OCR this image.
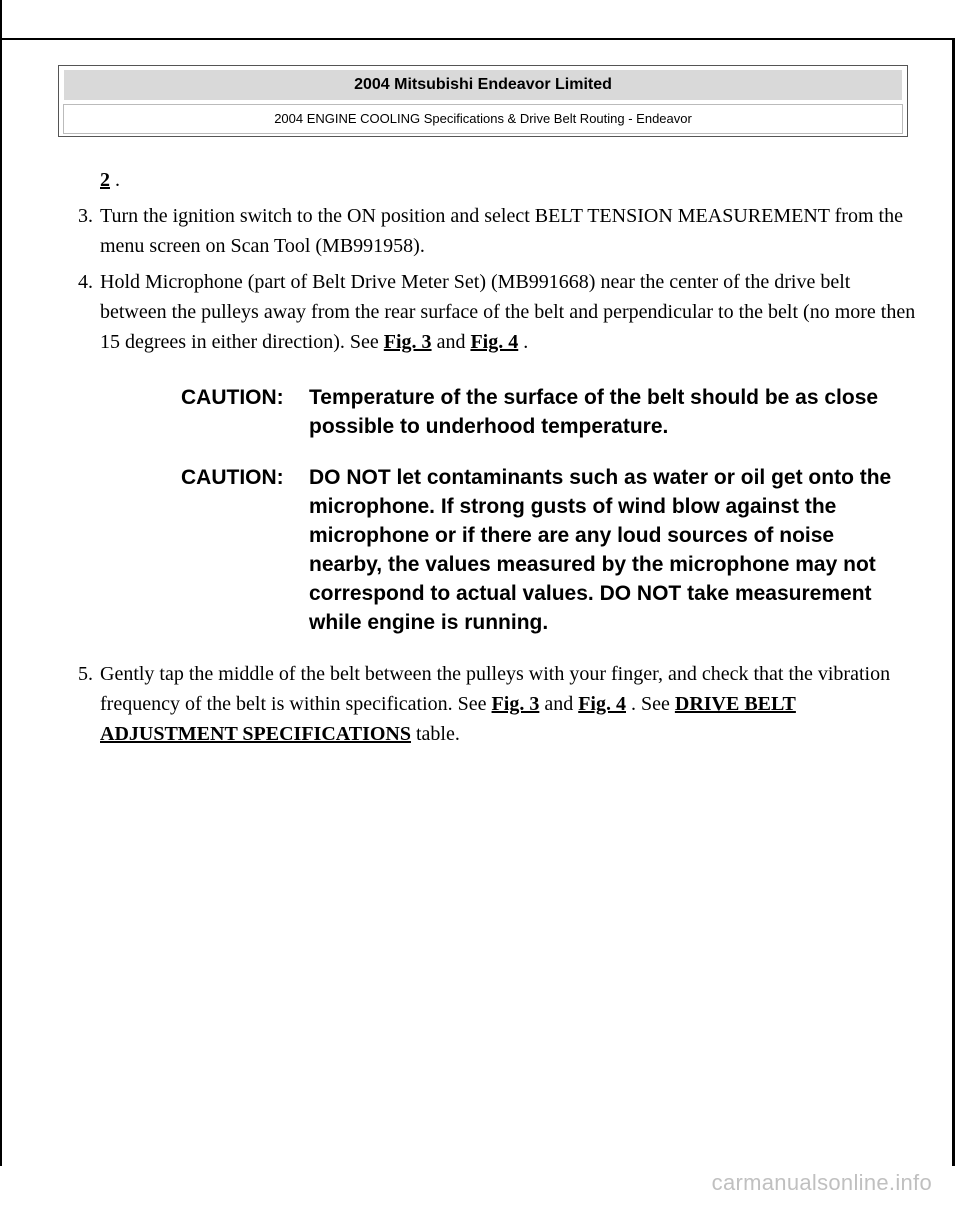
2004 Mitsubishi Endeavor Limited
2004 ENGINE COOLING Specifications & Drive Belt Routing - Endeavor
2 .
3. Turn the ignition switch to the ON position and select BELT TENSION MEASUREMENT from the menu screen on Scan Tool (MB991958).
4. Hold Microphone (part of Belt Drive Meter Set) (MB991668) near the center of the drive belt between the pulleys away from the rear surface of the belt and perpendicular to the belt (no more then 15 degrees in either direction). See Fig. 3 and Fig. 4 .
CAUTION:	Temperature of the surface of the belt should be as close possible to underhood temperature.
CAUTION:	DO NOT let contaminants such as water or oil get onto the microphone. If strong gusts of wind blow against the microphone or if there are any loud sources of noise nearby, the values measured by the microphone may not correspond to actual values. DO NOT take measurement while engine is running.
5. Gently tap the middle of the belt between the pulleys with your finger, and check that the vibration frequency of the belt is within specification. See Fig. 3 and Fig. 4 . See DRIVE BELT ADJUSTMENT SPECIFICATIONS table.
carmanualsonline.info
